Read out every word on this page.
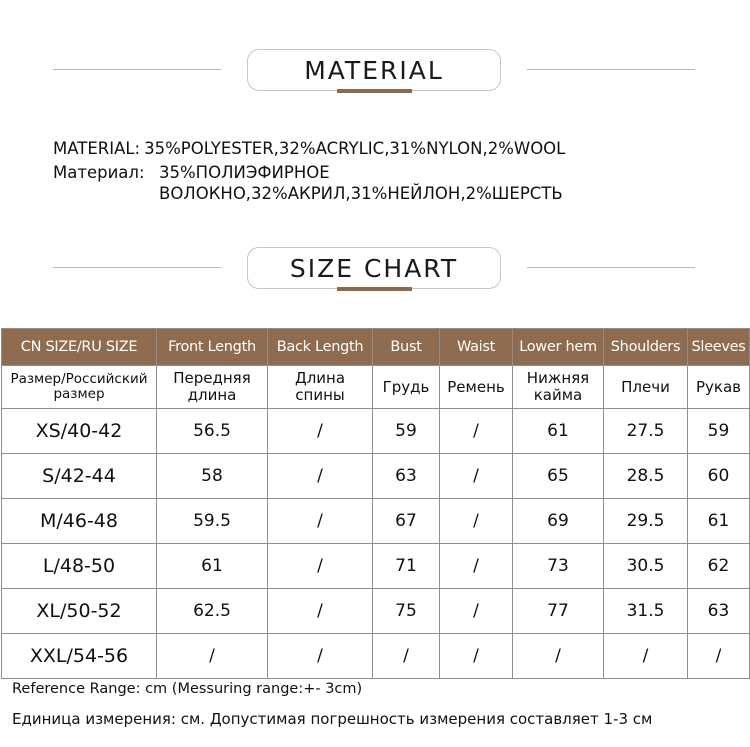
MATERIAL
MATERIAL: 35%POLYESTER,32%ACRYLIC,31%NYLON,2%WOOL
Материал: 35%ПОЛИЭФИРНОЕ ВОЛОКНО,32%АКРИЛ,31%НЕЙЛОН,2%ШЕРСТЬ
SIZE CHART
CN SIZE/RU SIZE	Front Length	Back Length	Bust	Waist	Lower hem	Shoulders	Sleeves
Размер/Российский размер	Передняя длина	Длина спины	Грудь	Ремень	Нижняя кайма	Плечи	Рукав
XS/40-42	56.5	/	59	/	61	27.5	59
S/42-44	58	/	63	/	65	28.5	60
M/46-48	59.5	/	67	/	69	29.5	61
L/48-50	61	/	71	/	73	30.5	62
XL/50-52	62.5	/	75	/	77	31.5	63
XXL/54-56	/	/	/	/	/	/	/
Reference Range: cm (Messuring range:+- 3cm)
Единица измерения: см. Допустимая погрешность измерения составляет 1-3 см
